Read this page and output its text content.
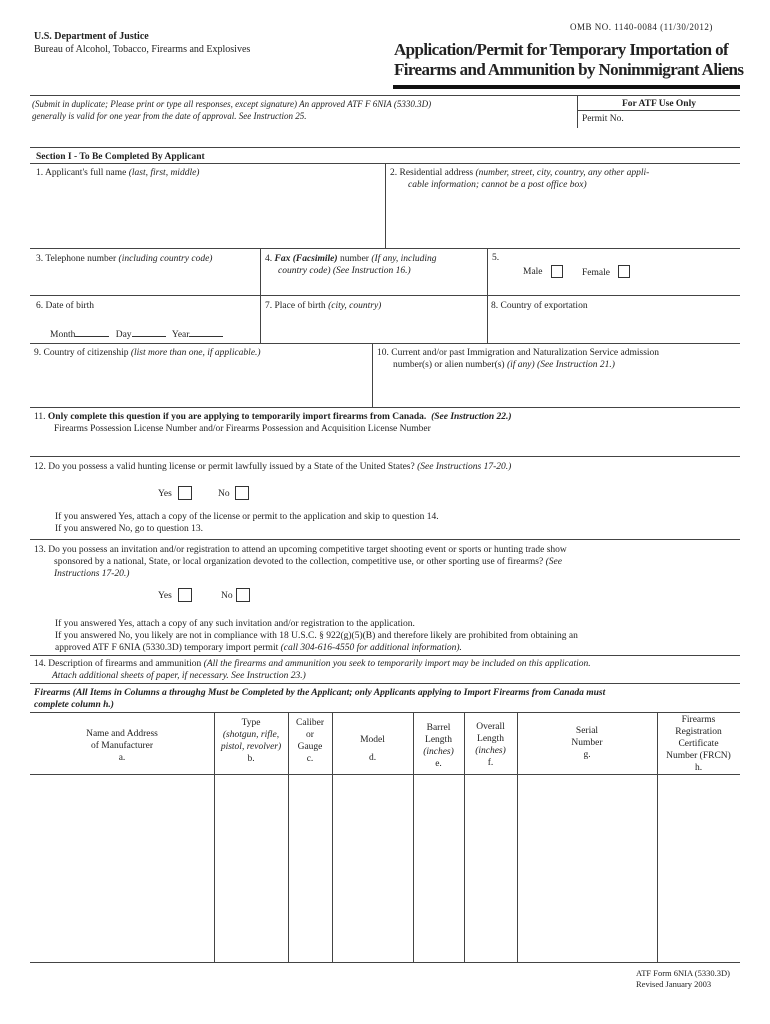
OMB NO. 1140-0084 (11/30/2012)
U.S. Department of Justice
Bureau of Alcohol, Tobacco, Firearms and Explosives	Application/Permit for Temporary Importation of
Firearms and Ammunition by Nonimmigrant Aliens
(Submit in duplicate; Please print or type all responses, except signature) An approved ATF F 6NIA (5330.3D)
generally is valid for one year from the date of approval. See Instruction 25.
For ATF Use Only
Permit No.
Section I - To Be Completed By Applicant
1. Applicant's full name (last, first, middle)	2. Residential address (number, street, city, country, any other appli-
cable information; cannot be a post office box)
3. Telephone number (including country code)	4. Fax (Facsimile) number (If any, including
country code) (See Instruction 16.)
5.
Male	Female
6. Date of birth
Month	Day	Year
7. Place of birth (city, country)	8. Country of exportation
9. Country of citizenship (list more than one, if applicable.)	10. Current and/or past Immigration and Naturalization Service admission
number(s) or alien number(s) (if any) (See Instruction 21.)
11. Only complete this question if you are applying to temporarily import firearms from Canada. (See Instruction 22.)
Firearms Possession License Number and/or Firearms Possession and Acquisition License Number
12. Do you possess a valid hunting license or permit lawfully issued by a State of the United States? (See Instructions 17-20.)
Yes	No
If you answered Yes, attach a copy of the license or permit to the application and skip to question 14.
If you answered No, go to question 13.
13. Do you possess an invitation and/or registration to attend an upcoming competitive target shooting event or sports or hunting trade show
sponsored by a national, State, or local organization devoted to the collection, competitive use, or other sporting use of firearms? (See
Instructions 17-20.)
Yes	No
If you answered Yes, attach a copy of any such invitation and/or registration to the application.
If you answered No, you likely are not in compliance with 18 U.S.C. § 922(g)(5)(B) and therefore likely are prohibited from obtaining an
approved ATF F 6NIA (5330.3D) temporary import permit (call 304-616-4550 for additional information).
14. Description of firearms and ammunition (All the firearms and ammunition you seek to temporarily import may be included on this application.
Attach additional sheets of paper, if necessary. See Instruction 23.)
Firearms (All Items in Columns a throughg Must be Completed by the Applicant; only Applicants applying to Import Firearms from Canada must
complete column h.)
Name and Address
of Manufacturer
a.
Type
(shotgun, rifle,
pistol, revolver)
b.
Caliber
or
Gauge
c.
Model
d.
Barrel
Length
(inches)
e.
Overall
Length
(inches)
f.
Serial
Number
g.
Firearms
Registration
Certificate
Number (FRCN)
h.
ATF Form 6NIA (5330.3D)
Revised January 2003
